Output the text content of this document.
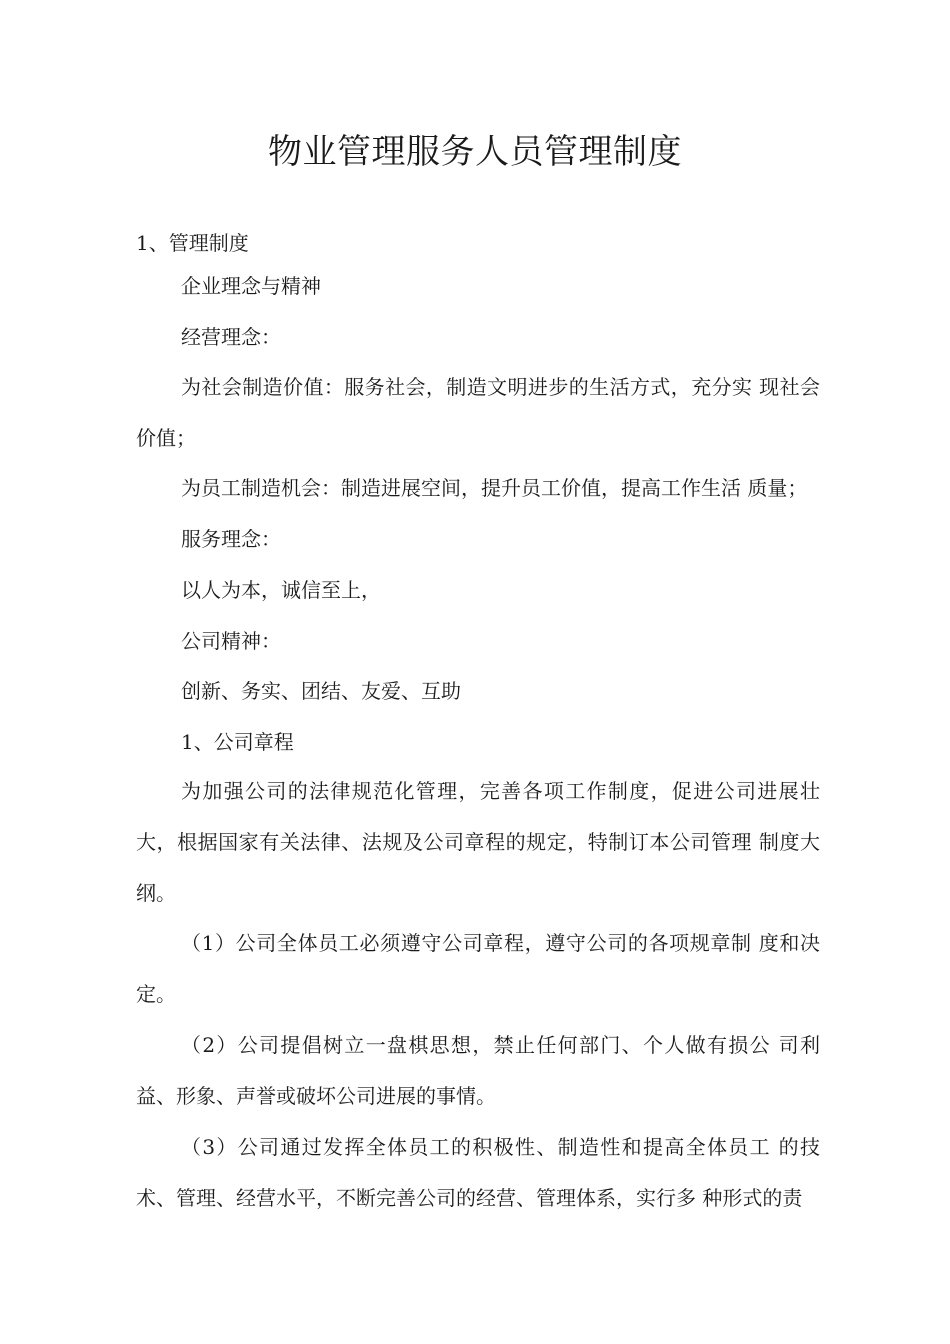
物业管理服务人员管理制度
1、管理制度
企业理念与精神
经营理念：
为社会制造价值：服务社会，制造文明进步的生活方式，充分实 现社会价值；
为员工制造机会：制造进展空间，提升员工价值，提高工作生活 质量；
服务理念：
以人为本，诚信至上，
公司精神：
创新、务实、团结、友爱、互助
1、公司章程
为加强公司的法律规范化管理，完善各项工作制度，促进公司进展壮大，根据国家有关法律、法规及公司章程的规定，特制订本公司管理 制度大纲。
（1）公司全体员工必须遵守公司章程，遵守公司的各项规章制 度和决定。
（2）公司提倡树立一盘棋思想，禁止任何部门、个人做有损公 司利益、形象、声誉或破坏公司进展的事情。
（3）公司通过发挥全体员工的积极性、制造性和提高全体员工 的技术、管理、经营水平，不断完善公司的经营、管理体系，实行多 种形式的责
